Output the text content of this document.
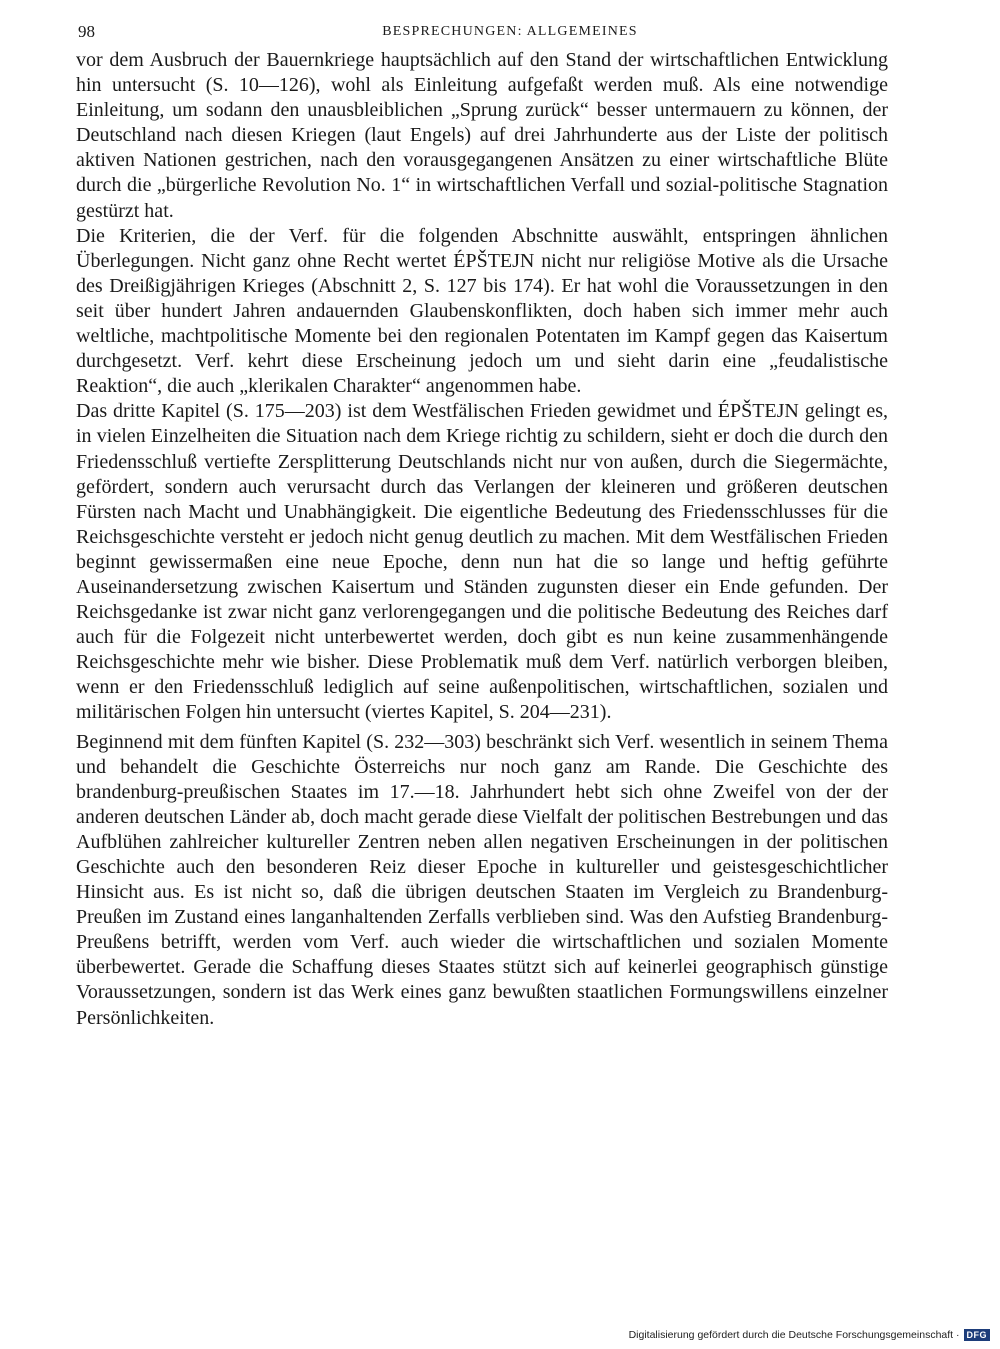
98	BESPRECHUNGEN: ALLGEMEINES

vor dem Ausbruch der Bauernkriege hauptsächlich auf den Stand der wirtschaftlichen Entwicklung hin untersucht (S. 10—126), wohl als Einleitung aufgefaßt werden muß. Als eine notwendige Einleitung, um sodann den unausbleiblichen „Sprung zurück“ besser untermauern zu können, der Deutschland nach diesen Kriegen (laut Engels) auf drei Jahrhunderte aus der Liste der politisch aktiven Nationen gestrichen, nach den vorausgegangenen Ansätzen zu einer wirtschaftliche Blüte durch die „bürgerliche Revolution No. 1“ in wirtschaftlichen Verfall und sozial-politische Stagnation gestürzt hat.

Die Kriterien, die der Verf. für die folgenden Abschnitte auswählt, entspringen ähnlichen Überlegungen. Nicht ganz ohne Recht wertet ÉPŠTEJN nicht nur religiöse Motive als die Ursache des Dreißigjährigen Krieges (Abschnitt 2, S. 127 bis 174). Er hat wohl die Voraussetzungen in den seit über hundert Jahren andauernden Glaubenskonflikten, doch haben sich immer mehr auch weltliche, machtpolitische Momente bei den regionalen Potentaten im Kampf gegen das Kaisertum durchgesetzt. Verf. kehrt diese Erscheinung jedoch um und sieht darin eine „feudalistische Reaktion“, die auch „klerikalen Charakter“ angenommen habe.

Das dritte Kapitel (S. 175—203) ist dem Westfälischen Frieden gewidmet und ÉPŠTEJN gelingt es, in vielen Einzelheiten die Situation nach dem Kriege richtig zu schildern, sieht er doch die durch den Friedensschluß vertiefte Zersplitterung Deutschlands nicht nur von außen, durch die Siegermächte, gefördert, sondern auch verursacht durch das Verlangen der kleineren und größeren deutschen Fürsten nach Macht und Unabhängigkeit. Die eigentliche Bedeutung des Friedensschlusses für die Reichsgeschichte versteht er jedoch nicht genug deutlich zu machen. Mit dem Westfälischen Frieden beginnt gewissermaßen eine neue Epoche, denn nun hat die so lange und heftig geführte Auseinandersetzung zwischen Kaisertum und Ständen zugunsten dieser ein Ende gefunden. Der Reichsgedanke ist zwar nicht ganz verlorengegangen und die politische Bedeutung des Reiches darf auch für die Folgezeit nicht unterbewertet werden, doch gibt es nun keine zusammenhängende Reichsgeschichte mehr wie bisher. Diese Problematik muß dem Verf. natürlich verborgen bleiben, wenn er den Friedensschluß lediglich auf seine außenpolitischen, wirtschaftlichen, sozialen und militärischen Folgen hin untersucht (viertes Kapitel, S. 204—231).

Beginnend mit dem fünften Kapitel (S. 232—303) beschränkt sich Verf. wesentlich in seinem Thema und behandelt die Geschichte Österreichs nur noch ganz am Rande. Die Geschichte des brandenburg-preußischen Staates im 17.—18. Jahrhundert hebt sich ohne Zweifel von der der anderen deutschen Länder ab, doch macht gerade diese Vielfalt der politischen Bestrebungen und das Aufblühen zahlreicher kultureller Zentren neben allen negativen Erscheinungen in der politischen Geschichte auch den besonderen Reiz dieser Epoche in kultureller und geistesgeschichtlicher Hinsicht aus. Es ist nicht so, daß die übrigen deutschen Staaten im Vergleich zu Brandenburg-Preußen im Zustand eines langanhaltenden Zerfalls verblieben sind. Was den Aufstieg Brandenburg-Preußens betrifft, werden vom Verf. auch wieder die wirtschaftlichen und sozialen Momente überbewertet. Gerade die Schaffung dieses Staates stützt sich auf keinerlei geographisch günstige Voraussetzungen, sondern ist das Werk eines ganz bewußten staatlichen Formungswillens einzelner Persönlichkeiten.

Digitalisierung gefördert durch die Deutsche Forschungsgemeinschaft · DFG
